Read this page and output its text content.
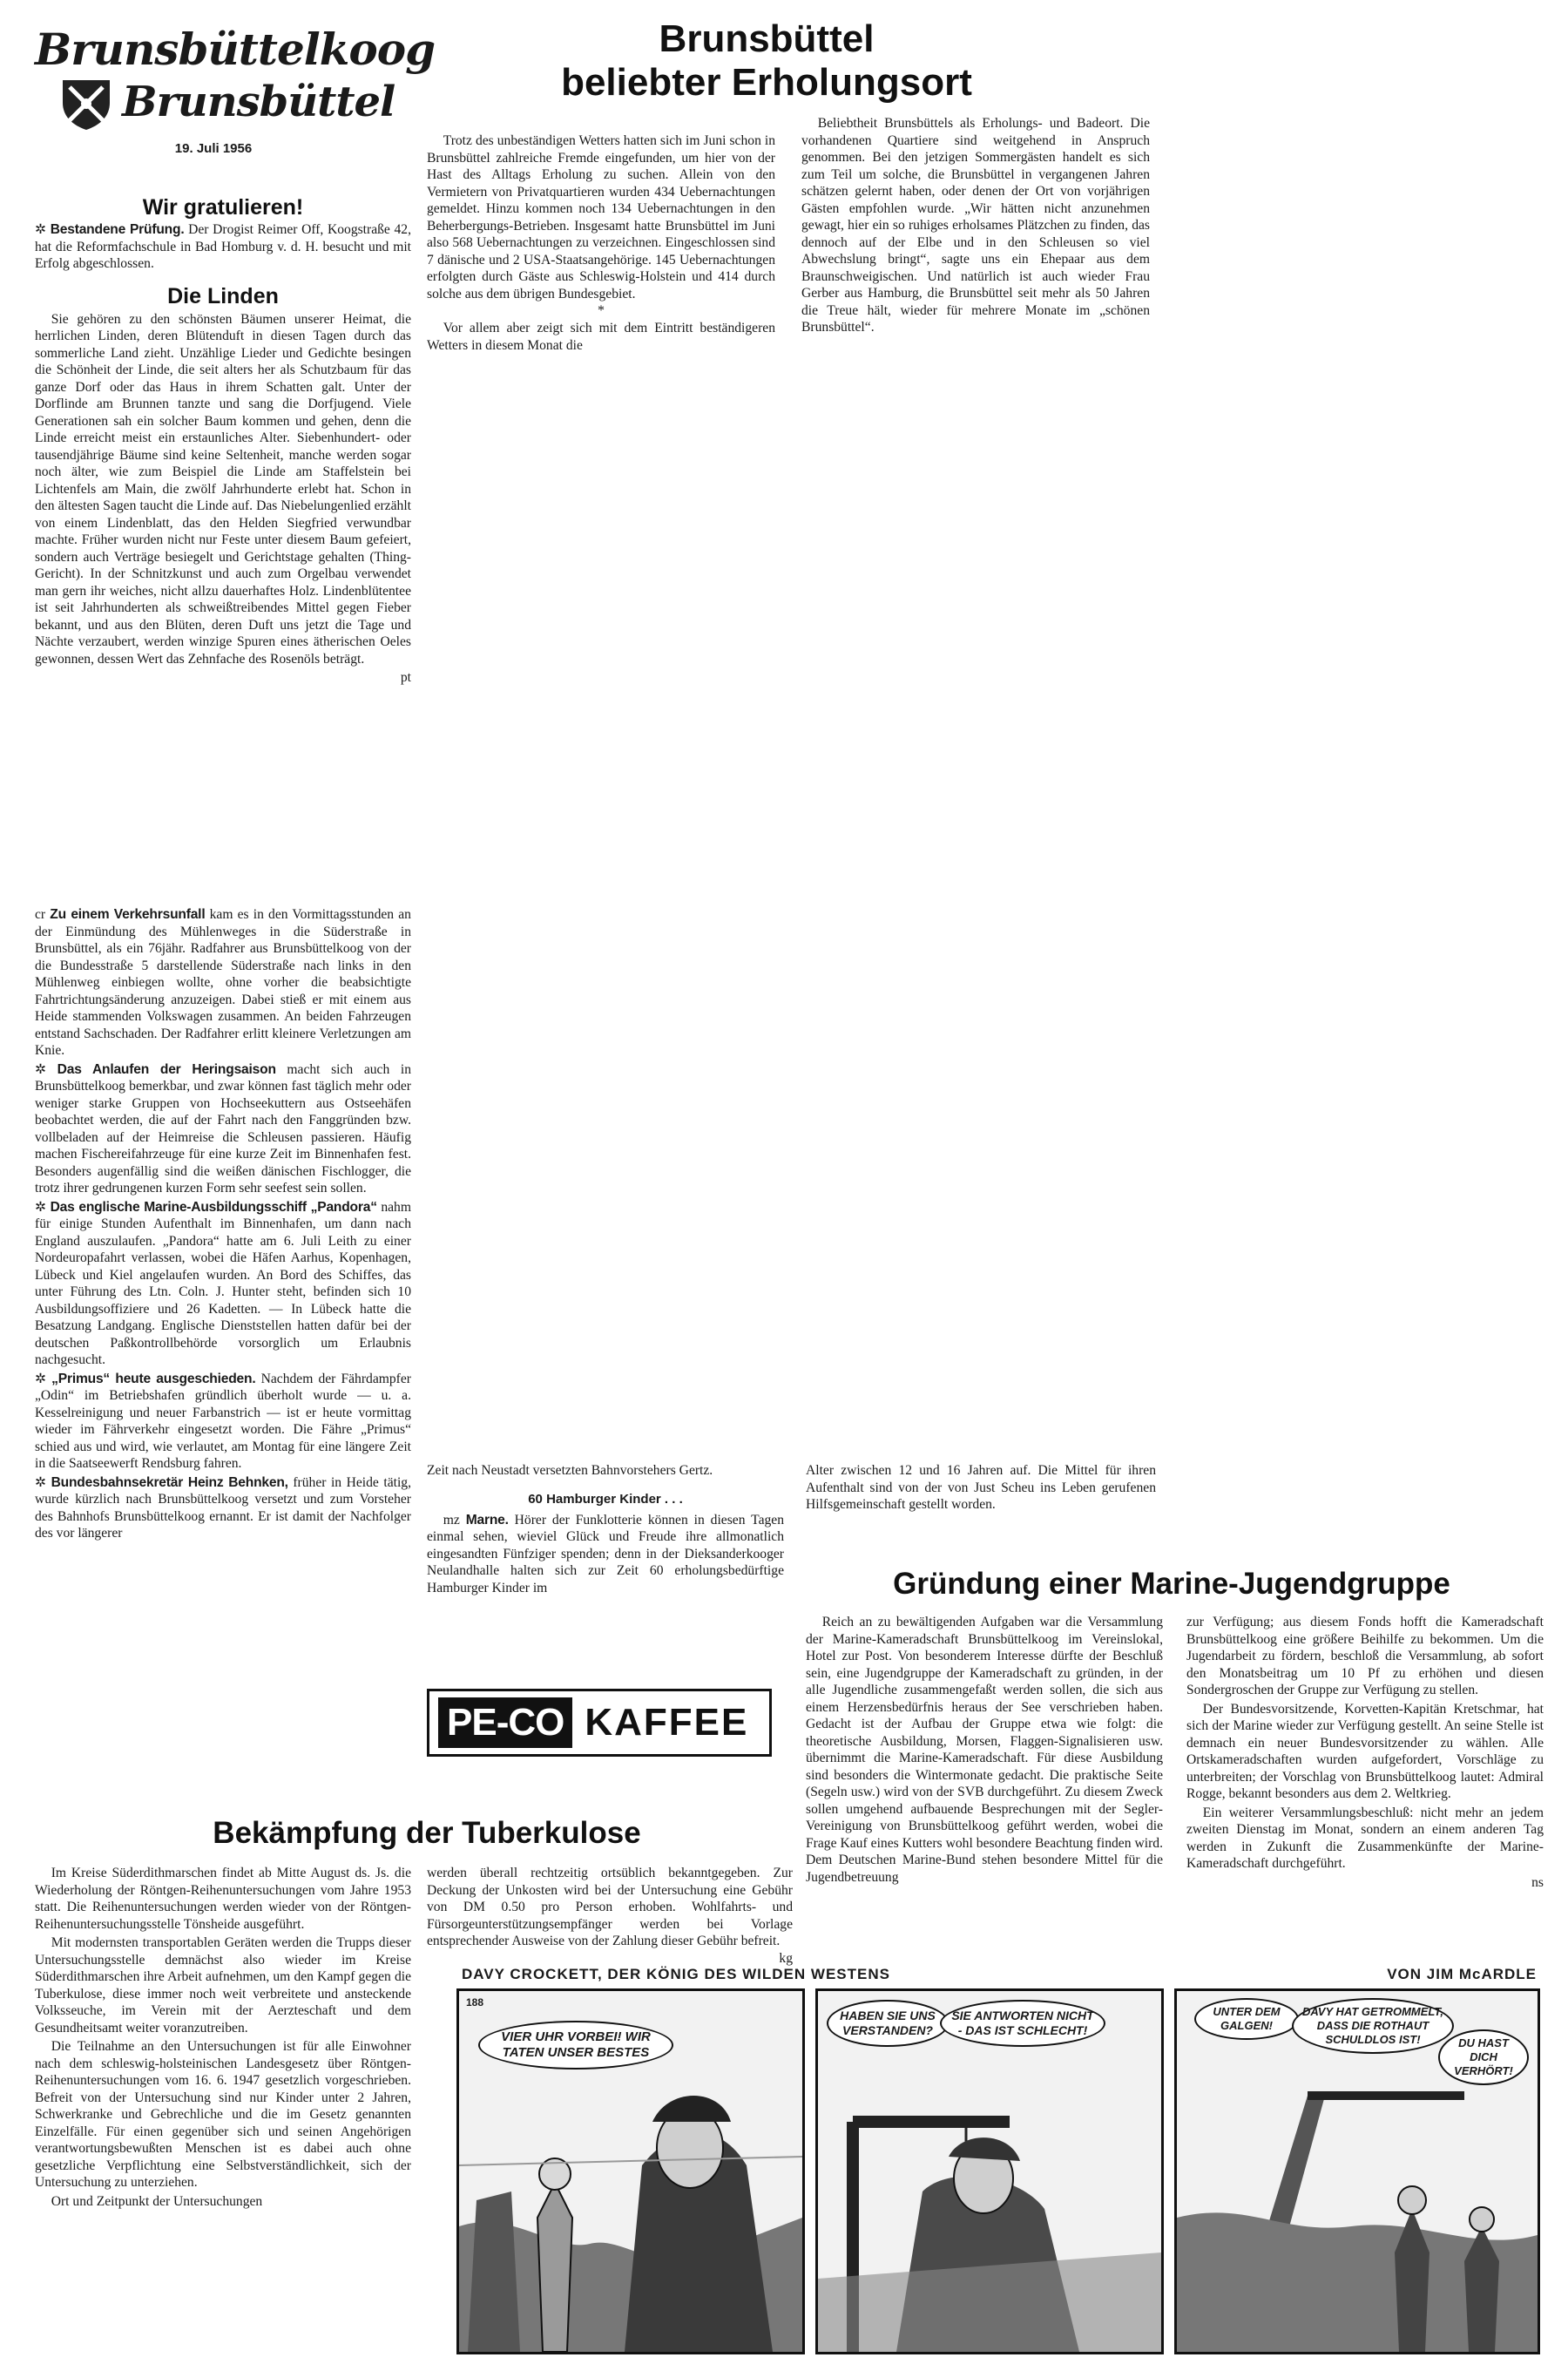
Brunsbüttelkoog
Brunsbüttel
19. Juli 1956
Wir gratulieren!

✲ Bestandene Prüfung. Der Drogist Reimer Off, Koogstraße 42, hat die Reformfachschule in Bad Homburg v. d. H. besucht und mit Erfolg abgeschlossen.

Die Linden

Sie gehören zu den schönsten Bäumen unserer Heimat, die herrlichen Linden, deren Blütenduft in diesen Tagen durch das sommerliche Land zieht. Unzählige Lieder und Gedichte besingen die Schönheit der Linde, die seit alters her als Schutzbaum für das ganze Dorf oder das Haus in ihrem Schatten galt. Unter der Dorflinde am Brunnen tanzte und sang die Dorfjugend. Viele Generationen sah ein solcher Baum kommen und gehen, denn die Linde erreicht meist ein erstaunliches Alter. Siebenhundert- oder tausendjährige Bäume sind keine Seltenheit, manche werden sogar noch älter, wie zum Beispiel die Linde am Staffelstein bei Lichtenfels am Main, die zwölf Jahrhunderte erlebt hat. Schon in den ältesten Sagen taucht die Linde auf. Das Niebelungenlied erzählt von einem Lindenblatt, das den Helden Siegfried verwundbar machte. Früher wurden nicht nur Feste unter diesem Baum gefeiert, sondern auch Verträge besiegelt und Gerichtstage gehalten (Thing-Gericht). In der Schnitzkunst und auch zum Orgelbau verwendet man gern ihr weiches, nicht allzu dauerhaftes Holz. Lindenblütentee ist seit Jahrhunderten als schweißtreibendes Mittel gegen Fieber bekannt, und aus den Blüten, deren Duft uns jetzt die Tage und Nächte verzaubert, werden winzige Spuren eines ätherischen Oeles gewonnen, dessen Wert das Zehnfache des Rosenöls beträgt.

pt

cr Zu einem Verkehrsunfall kam es in den Vormittagsstunden an der Einmündung des Mühlenweges in die Süderstraße in Brunsbüttel, als ein 76jähr. Radfahrer aus Brunsbüttelkoog von der die Bundesstraße 5 darstellende Süderstraße nach links in den Mühlenweg einbiegen wollte, ohne vorher die beabsichtigte Fahrtrichtungsänderung anzuzeigen. Dabei stieß er mit einem aus Heide stammenden Volkswagen zusammen. An beiden Fahrzeugen entstand Sachschaden. Der Radfahrer erlitt kleinere Verletzungen am Knie.

✲ Das Anlaufen der Heringsaison macht sich auch in Brunsbüttelkoog bemerkbar, und zwar können fast täglich mehr oder weniger starke Gruppen von Hochseekuttern aus Ostseehäfen beobachtet werden, die auf der Fahrt nach den Fanggründen bzw. vollbeladen auf der Heimreise die Schleusen passieren. Häufig machen Fischereifahrzeuge für eine kurze Zeit im Binnenhafen fest. Besonders augenfällig sind die weißen dänischen Fischlogger, die trotz ihrer gedrungenen kurzen Form sehr seefest sein sollen.

✲ Das englische Marine-Ausbildungsschiff „Pandora“ nahm für einige Stunden Aufenthalt im Binnenhafen, um dann nach England auszulaufen. „Pandora“ hatte am 6. Juli Leith zu einer Nordeuropafahrt verlassen, wobei die Häfen Aarhus, Kopenhagen, Lübeck und Kiel angelaufen wurden. An Bord des Schiffes, das unter Führung des Ltn. Coln. J. Hunter steht, befinden sich 10 Ausbildungsoffiziere und 26 Kadetten. — In Lübeck hatte die Besatzung Landgang. Englische Dienststellen hatten dafür bei der deutschen Paßkontrollbehörde vorsorglich um Erlaubnis nachgesucht.

✲ „Primus“ heute ausgeschieden. Nachdem der Fährdampfer „Odin“ im Betriebshafen gründlich überholt wurde — u. a. Kesselreinigung und neuer Farbanstrich — ist er heute vormittag wieder im Fährverkehr eingesetzt worden. Die Fähre „Primus“ schied aus und wird, wie verlautet, am Montag für eine längere Zeit in die Saatseewerft Rendsburg fahren.

✲ Bundesbahnsekretär Heinz Behnken, früher in Heide tätig, wurde kürzlich nach Brunsbüttelkoog versetzt und zum Vorsteher des Bahnhofs Brunsbüttelkoog ernannt. Er ist damit der Nachfolger des vor längerer

Brunsbüttel
beliebter Erholungsort

Trotz des unbeständigen Wetters hatten sich im Juni schon in Brunsbüttel zahlreiche Fremde eingefunden, um hier von der Hast des Alltags Erholung zu suchen. Allein von den Vermietern von Privatquartieren wurden 434 Uebernachtungen gemeldet. Hinzu kommen noch 134 Uebernachtungen in den Beherbergungs-Betrieben. Insgesamt hatte Brunsbüttel im Juni also 568 Uebernachtungen zu verzeichnen. Eingeschlossen sind 7 dänische und 2 USA-Staatsangehörige. 145 Uebernachtungen erfolgten durch Gäste aus Schleswig-Holstein und 414 durch solche aus dem übrigen Bundesgebiet.

*

Vor allem aber zeigt sich mit dem Eintritt beständigeren Wetters in diesem Monat die

Beliebtheit Brunsbüttels als Erholungs- und Badeort. Die vorhandenen Quartiere sind weitgehend in Anspruch genommen. Bei den jetzigen Sommergästen handelt es sich zum Teil um solche, die Brunsbüttel in vergangenen Jahren schätzen gelernt haben, oder denen der Ort von vorjährigen Gästen empfohlen wurde. „Wir hätten nicht anzunehmen gewagt, hier ein so ruhiges erholsames Plätzchen zu finden, das dennoch auf der Elbe und in den Schleusen so viel Abwechslung bringt“, sagte uns ein Ehepaar aus dem Braunschweigischen. Und natürlich ist auch wieder Frau Gerber aus Hamburg, die Brunsbüttel seit mehr als 50 Jahren die Treue hält, wieder für mehrere Monate im „schönen Brunsbüttel“.

Zeit nach Neustadt versetzten Bahnvorstehers Gertz.

60 Hamburger Kinder . . .

mz Marne. Hörer der Funklotterie können in diesen Tagen einmal sehen, wieviel Glück und Freude ihre allmonatlich eingesandten Fünfziger spenden; denn in der Dieksanderkooger Neulandhalle halten sich zur Zeit 60 erholungsbedürftige Hamburger Kinder im

Alter zwischen 12 und 16 Jahren auf. Die Mittel für ihren Aufenthalt sind von der von Just Scheu ins Leben gerufenen Hilfsgemeinschaft gestellt worden.

PE-CO KAFFEE
Bekämpfung der Tuberkulose

Im Kreise Süderdithmarschen findet ab Mitte August ds. Js. die Wiederholung der Röntgen-Reihenuntersuchungen vom Jahre 1953 statt. Die Reihenuntersuchungen werden wieder von der Röntgen-Reihenuntersuchungsstelle Tönsheide ausgeführt.

Mit modernsten transportablen Geräten werden die Trupps dieser Untersuchungsstelle demnächst also wieder im Kreise Süderdithmarschen ihre Arbeit aufnehmen, um den Kampf gegen die Tuberkulose, diese immer noch weit verbreitete und ansteckende Volksseuche, im Verein mit der Aerzteschaft und dem Gesundheitsamt weiter voranzutreiben.

Die Teilnahme an den Untersuchungen ist für alle Einwohner nach dem schleswig-holsteinischen Landesgesetz über Röntgen-Reihenuntersuchungen vom 16. 6. 1947 gesetzlich vorgeschrieben. Befreit von der Untersuchung sind nur Kinder unter 2 Jahren, Schwerkranke und Gebrechliche und die im Gesetz genannten Einzelfälle. Für einen gegenüber sich und seinen Angehörigen verantwortungsbewußten Menschen ist es dabei auch ohne gesetzliche Verpflichtung eine Selbstverständlichkeit, sich der Untersuchung zu unterziehen.

Ort und Zeitpunkt der Untersuchungen

werden überall rechtzeitig ortsüblich bekanntgegeben. Zur Deckung der Unkosten wird bei der Untersuchung eine Gebühr von DM 0.50 pro Person erhoben. Wohlfahrts- und Fürsorgeunterstützungsempfänger werden bei Vorlage entsprechender Ausweise von der Zahlung dieser Gebühr befreit.
kg

Gründung einer Marine-Jugendgruppe

Reich an zu bewältigenden Aufgaben war die Versammlung der Marine-Kameradschaft Brunsbüttelkoog im Vereinslokal, Hotel zur Post. Von besonderem Interesse dürfte der Beschluß sein, eine Jugendgruppe der Kameradschaft zu gründen, in der alle Jugendliche zusammengefaßt werden sollen, die sich aus einem Herzensbedürfnis heraus der See verschrieben haben. Gedacht ist der Aufbau der Gruppe etwa wie folgt: die theoretische Ausbildung, Morsen, Flaggen-Signalisieren usw. übernimmt die Marine-Kameradschaft. Für diese Ausbildung sind besonders die Wintermonate gedacht. Die praktische Seite (Segeln usw.) wird von der SVB durchgeführt. Zu diesem Zweck sollen umgehend aufbauende Besprechungen mit der Segler-Vereinigung von Brunsbüttelkoog geführt werden, wobei die Frage Kauf eines Kutters wohl besondere Beachtung finden wird. Dem Deutschen Marine-Bund stehen besondere Mittel für die Jugendbetreuung

zur Verfügung; aus diesem Fonds hofft die Kameradschaft Brunsbüttelkoog eine größere Beihilfe zu bekommen. Um die Jugendarbeit zu fördern, beschloß die Versammlung, ab sofort den Monatsbeitrag um 10 Pf zu erhöhen und diesen Sondergroschen der Gruppe zur Verfügung zu stellen.

Der Bundesvorsitzende, Korvetten-Kapitän Kretschmar, hat sich der Marine wieder zur Verfügung gestellt. An seine Stelle ist demnach ein neuer Bundesvorsitzender zu wählen. Alle Ortskameradschaften wurden aufgefordert, Vorschläge zu unterbreiten; der Vorschlag von Brunsbüttelkoog lautet: Admiral Rogge, bekannt besonders aus dem 2. Weltkrieg.

Ein weiterer Versammlungsbeschluß: nicht mehr an jedem zweiten Dienstag im Monat, sondern an einem anderen Tag werden in Zukunft die Zusammenkünfte der Marine-Kameradschaft durchgeführt.

ns

DAVY CROCKETT, DER KÖNIG DES WILDEN WESTENS	VON JIM McARDLE
188
VIER UHR VORBEI! WIR TATEN UNSER BESTES
HABEN SIE UNS VERSTANDEN?
SIE ANTWORTEN NICHT - DAS IST SCHLECHT!
UNTER DEM GALGEN!
DAVY HAT GETROMMELT, DASS DIE ROTHAUT SCHULDLOS IST!	DU HAST DICH VERHÖRT!
